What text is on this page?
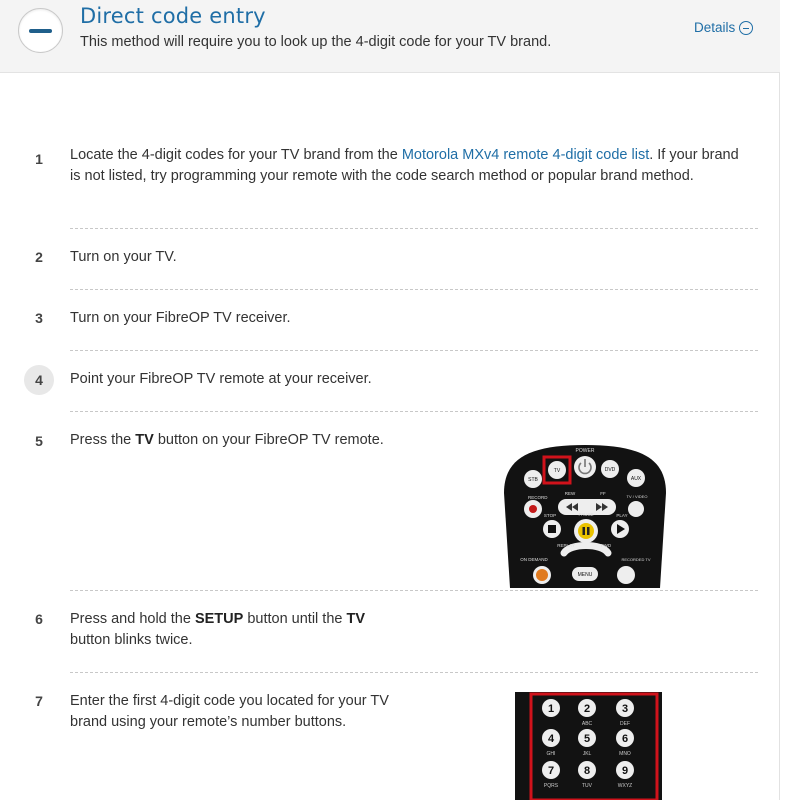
Direct code entry
This method will require you to look up the 4-digit code for your TV brand.
Details
1	Locate the 4-digit codes for your TV brand from the Motorola MXv4 remote 4-digit code list. If your brand is not listed, try programming your remote with the code search method or popular brand method.
2	Turn on your TV.
3	Turn on your FibreOP TV receiver.
4	Point your FibreOP TV remote at your receiver.
5	Press the TV button on your FibreOP TV remote.
STB
TV
POWER
DVD
AUX
RECORD
REW	FF
TV / VIDEO
STOP	PAUSE	PLAY
REPLAY	FWD
ON DEMAND
MENU
RECORDED TV
6	Press and hold the SETUP button until the TV button blinks twice.
7	Enter the first 4-digit code you located for your TV brand using your remote’s number buttons.
1	2
ABC
3
DEF
4
GHI
5
JKL
6
MNO
7
PQRS
8
TUV
9
WXYZ
